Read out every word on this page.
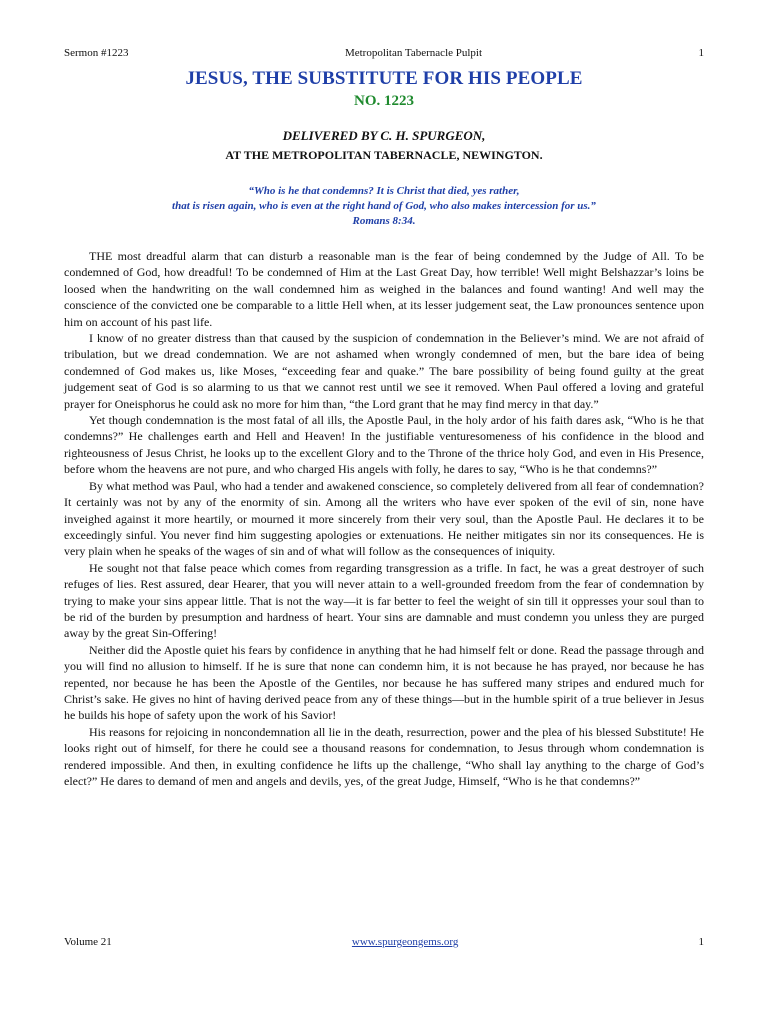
Sermon #1223	Metropolitan Tabernacle Pulpit	1
JESUS, THE SUBSTITUTE FOR HIS PEOPLE
NO. 1223
DELIVERED BY C. H. SPURGEON,
AT THE METROPOLITAN TABERNACLE, NEWINGTON.
“Who is he that condemns? It is Christ that died, yes rather,
that is risen again, who is even at the right hand of God, who also makes intercession for us.”
Romans 8:34.

THE most dreadful alarm that can disturb a reasonable man is the fear of being condemned by the Judge of All. To be condemned of God, how dreadful! To be condemned of Him at the Last Great Day, how terrible! Well might Belshazzar’s loins be loosed when the handwriting on the wall condemned him as weighed in the balances and found wanting! And well may the conscience of the convicted one be comparable to a little Hell when, at its lesser judgement seat, the Law pronounces sentence upon him on account of his past life.

I know of no greater distress than that caused by the suspicion of condemnation in the Believer’s mind. We are not afraid of tribulation, but we dread condemnation. We are not ashamed when wrongly condemned of men, but the bare idea of being condemned of God makes us, like Moses, “exceeding fear and quake.” The bare possibility of being found guilty at the great judgement seat of God is so alarming to us that we cannot rest until we see it removed. When Paul offered a loving and grateful prayer for Oneisphorus he could ask no more for him than, “the Lord grant that he may find mercy in that day.”

Yet though condemnation is the most fatal of all ills, the Apostle Paul, in the holy ardor of his faith dares ask, “Who is he that condemns?” He challenges earth and Hell and Heaven! In the justifiable venturesomeness of his confidence in the blood and righteousness of Jesus Christ, he looks up to the excellent Glory and to the Throne of the thrice holy God, and even in His Presence, before whom the heavens are not pure, and who charged His angels with folly, he dares to say, “Who is he that condemns?”

By what method was Paul, who had a tender and awakened conscience, so completely delivered from all fear of condemnation? It certainly was not by any of the enormity of sin. Among all the writers who have ever spoken of the evil of sin, none have inveighed against it more heartily, or mourned it more sincerely from their very soul, than the Apostle Paul. He declares it to be exceedingly sinful. You never find him suggesting apologies or extenuations. He neither mitigates sin nor its consequences. He is very plain when he speaks of the wages of sin and of what will follow as the consequences of iniquity.

He sought not that false peace which comes from regarding transgression as a trifle. In fact, he was a great destroyer of such refuges of lies. Rest assured, dear Hearer, that you will never attain to a well-grounded freedom from the fear of condemnation by trying to make your sins appear little. That is not the way—it is far better to feel the weight of sin till it oppresses your soul than to be rid of the burden by presumption and hardness of heart. Your sins are damnable and must condemn you unless they are purged away by the great Sin-Offering!

Neither did the Apostle quiet his fears by confidence in anything that he had himself felt or done. Read the passage through and you will find no allusion to himself. If he is sure that none can condemn him, it is not because he has prayed, nor because he has repented, nor because he has been the Apostle of the Gentiles, nor because he has suffered many stripes and endured much for Christ’s sake. He gives no hint of having derived peace from any of these things—but in the humble spirit of a true believer in Jesus he builds his hope of safety upon the work of his Savior!

His reasons for rejoicing in noncondemnation all lie in the death, resurrection, power and the plea of his blessed Substitute! He looks right out of himself, for there he could see a thousand reasons for condemnation, to Jesus through whom condemnation is rendered impossible. And then, in exulting confidence he lifts up the challenge, “Who shall lay anything to the charge of God’s elect?” He dares to demand of men and angels and devils, yes, of the great Judge, Himself, “Who is he that condemns?”

Volume 21	www.spurgeongems.org	1
